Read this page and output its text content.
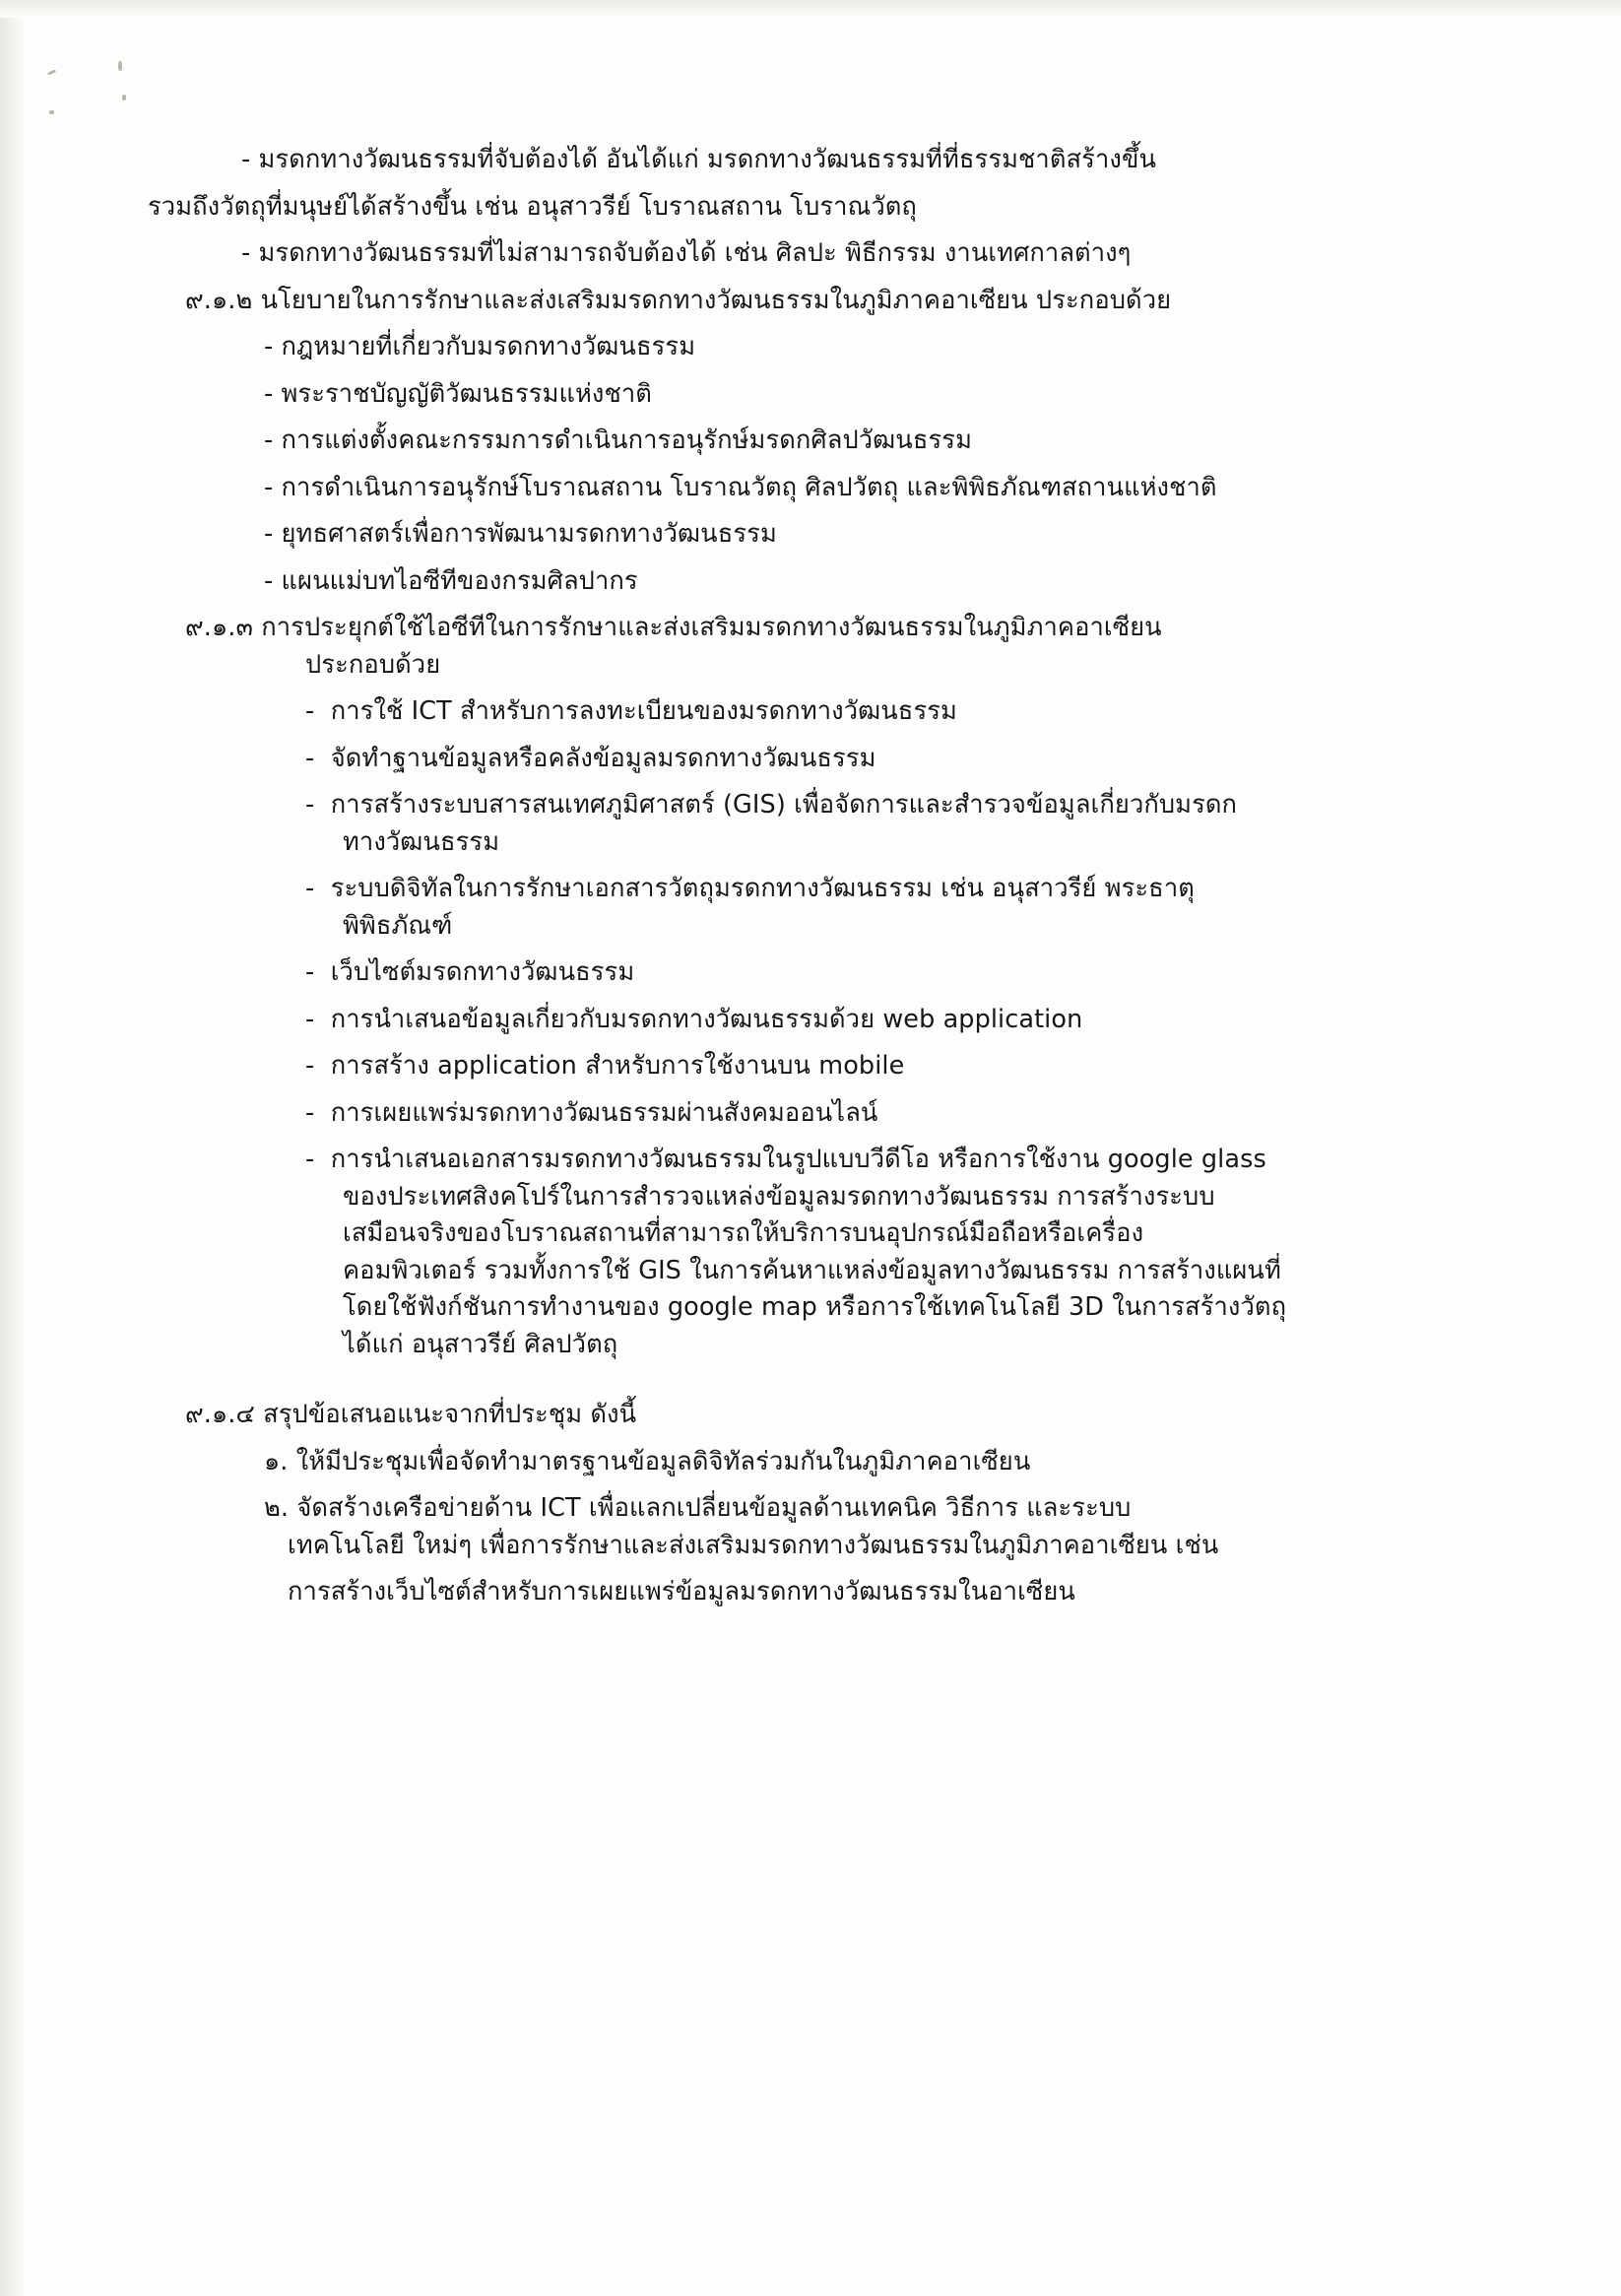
- มรดกทางวัฒนธรรมที่จับต้องได้ อันได้แก่ มรดกทางวัฒนธรรมที่ที่ธรรมชาติสร้างขึ้น
รวมถึงวัตถุที่มนุษย์ได้สร้างขึ้น เช่น อนุสาวรีย์ โบราณสถาน โบราณวัตถุ
- มรดกทางวัฒนธรรมที่ไม่สามารถจับต้องได้ เช่น ศิลปะ พิธีกรรม งานเทศกาลต่างๆ
๙.๑.๒ นโยบายในการรักษาและส่งเสริมมรดกทางวัฒนธรรมในภูมิภาคอาเซียน ประกอบด้วย
- กฎหมายที่เกี่ยวกับมรดกทางวัฒนธรรม
- พระราชบัญญัติวัฒนธรรมแห่งชาติ
- การแต่งตั้งคณะกรรมการดำเนินการอนุรักษ์มรดกศิลปวัฒนธรรม
- การดำเนินการอนุรักษ์โบราณสถาน โบราณวัตถุ ศิลปวัตถุ และพิพิธภัณฑสถานแห่งชาติ
- ยุทธศาสตร์เพื่อการพัฒนามรดกทางวัฒนธรรม
- แผนแม่บทไอซีทีของกรมศิลปากร
๙.๑.๓ การประยุกต์ใช้ไอซีทีในการรักษาและส่งเสริมมรดกทางวัฒนธรรมในภูมิภาคอาเซียน
ประกอบด้วย
-  การใช้ ICT สำหรับการลงทะเบียนของมรดกทางวัฒนธรรม
-  จัดทำฐานข้อมูลหรือคลังข้อมูลมรดกทางวัฒนธรรม
-  การสร้างระบบสารสนเทศภูมิศาสตร์ (GIS) เพื่อจัดการและสำรวจข้อมูลเกี่ยวกับมรดก
ทางวัฒนธรรม
-  ระบบดิจิทัลในการรักษาเอกสารวัตถุมรดกทางวัฒนธรรม เช่น อนุสาวรีย์ พระธาตุ
พิพิธภัณฑ์
-  เว็บไซต์มรดกทางวัฒนธรรม
-  การนำเสนอข้อมูลเกี่ยวกับมรดกทางวัฒนธรรมด้วย web application
-  การสร้าง application สำหรับการใช้งานบน mobile
-  การเผยแพร่มรดกทางวัฒนธรรมผ่านสังคมออนไลน์
-  การนำเสนอเอกสารมรดกทางวัฒนธรรมในรูปแบบวีดีโอ หรือการใช้งาน google glass
ของประเทศสิงคโปร์ในการสำรวจแหล่งข้อมูลมรดกทางวัฒนธรรม การสร้างระบบ
เสมือนจริงของโบราณสถานที่สามารถให้บริการบนอุปกรณ์มือถือหรือเครื่อง
คอมพิวเตอร์ รวมทั้งการใช้ GIS ในการค้นหาแหล่งข้อมูลทางวัฒนธรรม การสร้างแผนที่
โดยใช้ฟังก์ชันการทำงานของ google map หรือการใช้เทคโนโลยี 3D ในการสร้างวัตถุ
ได้แก่ อนุสาวรีย์ ศิลปวัตถุ
๙.๑.๔ สรุปข้อเสนอแนะจากที่ประชุม ดังนี้
๑. ให้มีประชุมเพื่อจัดทำมาตรฐานข้อมูลดิจิทัลร่วมกันในภูมิภาคอาเซียน
๒. จัดสร้างเครือข่ายด้าน ICT เพื่อแลกเปลี่ยนข้อมูลด้านเทคนิค วิธีการ และระบบ
เทคโนโลยี ใหม่ๆ เพื่อการรักษาและส่งเสริมมรดกทางวัฒนธรรมในภูมิภาคอาเซียน เช่น
การสร้างเว็บไซต์สำหรับการเผยแพร่ข้อมูลมรดกทางวัฒนธรรมในอาเซียน
